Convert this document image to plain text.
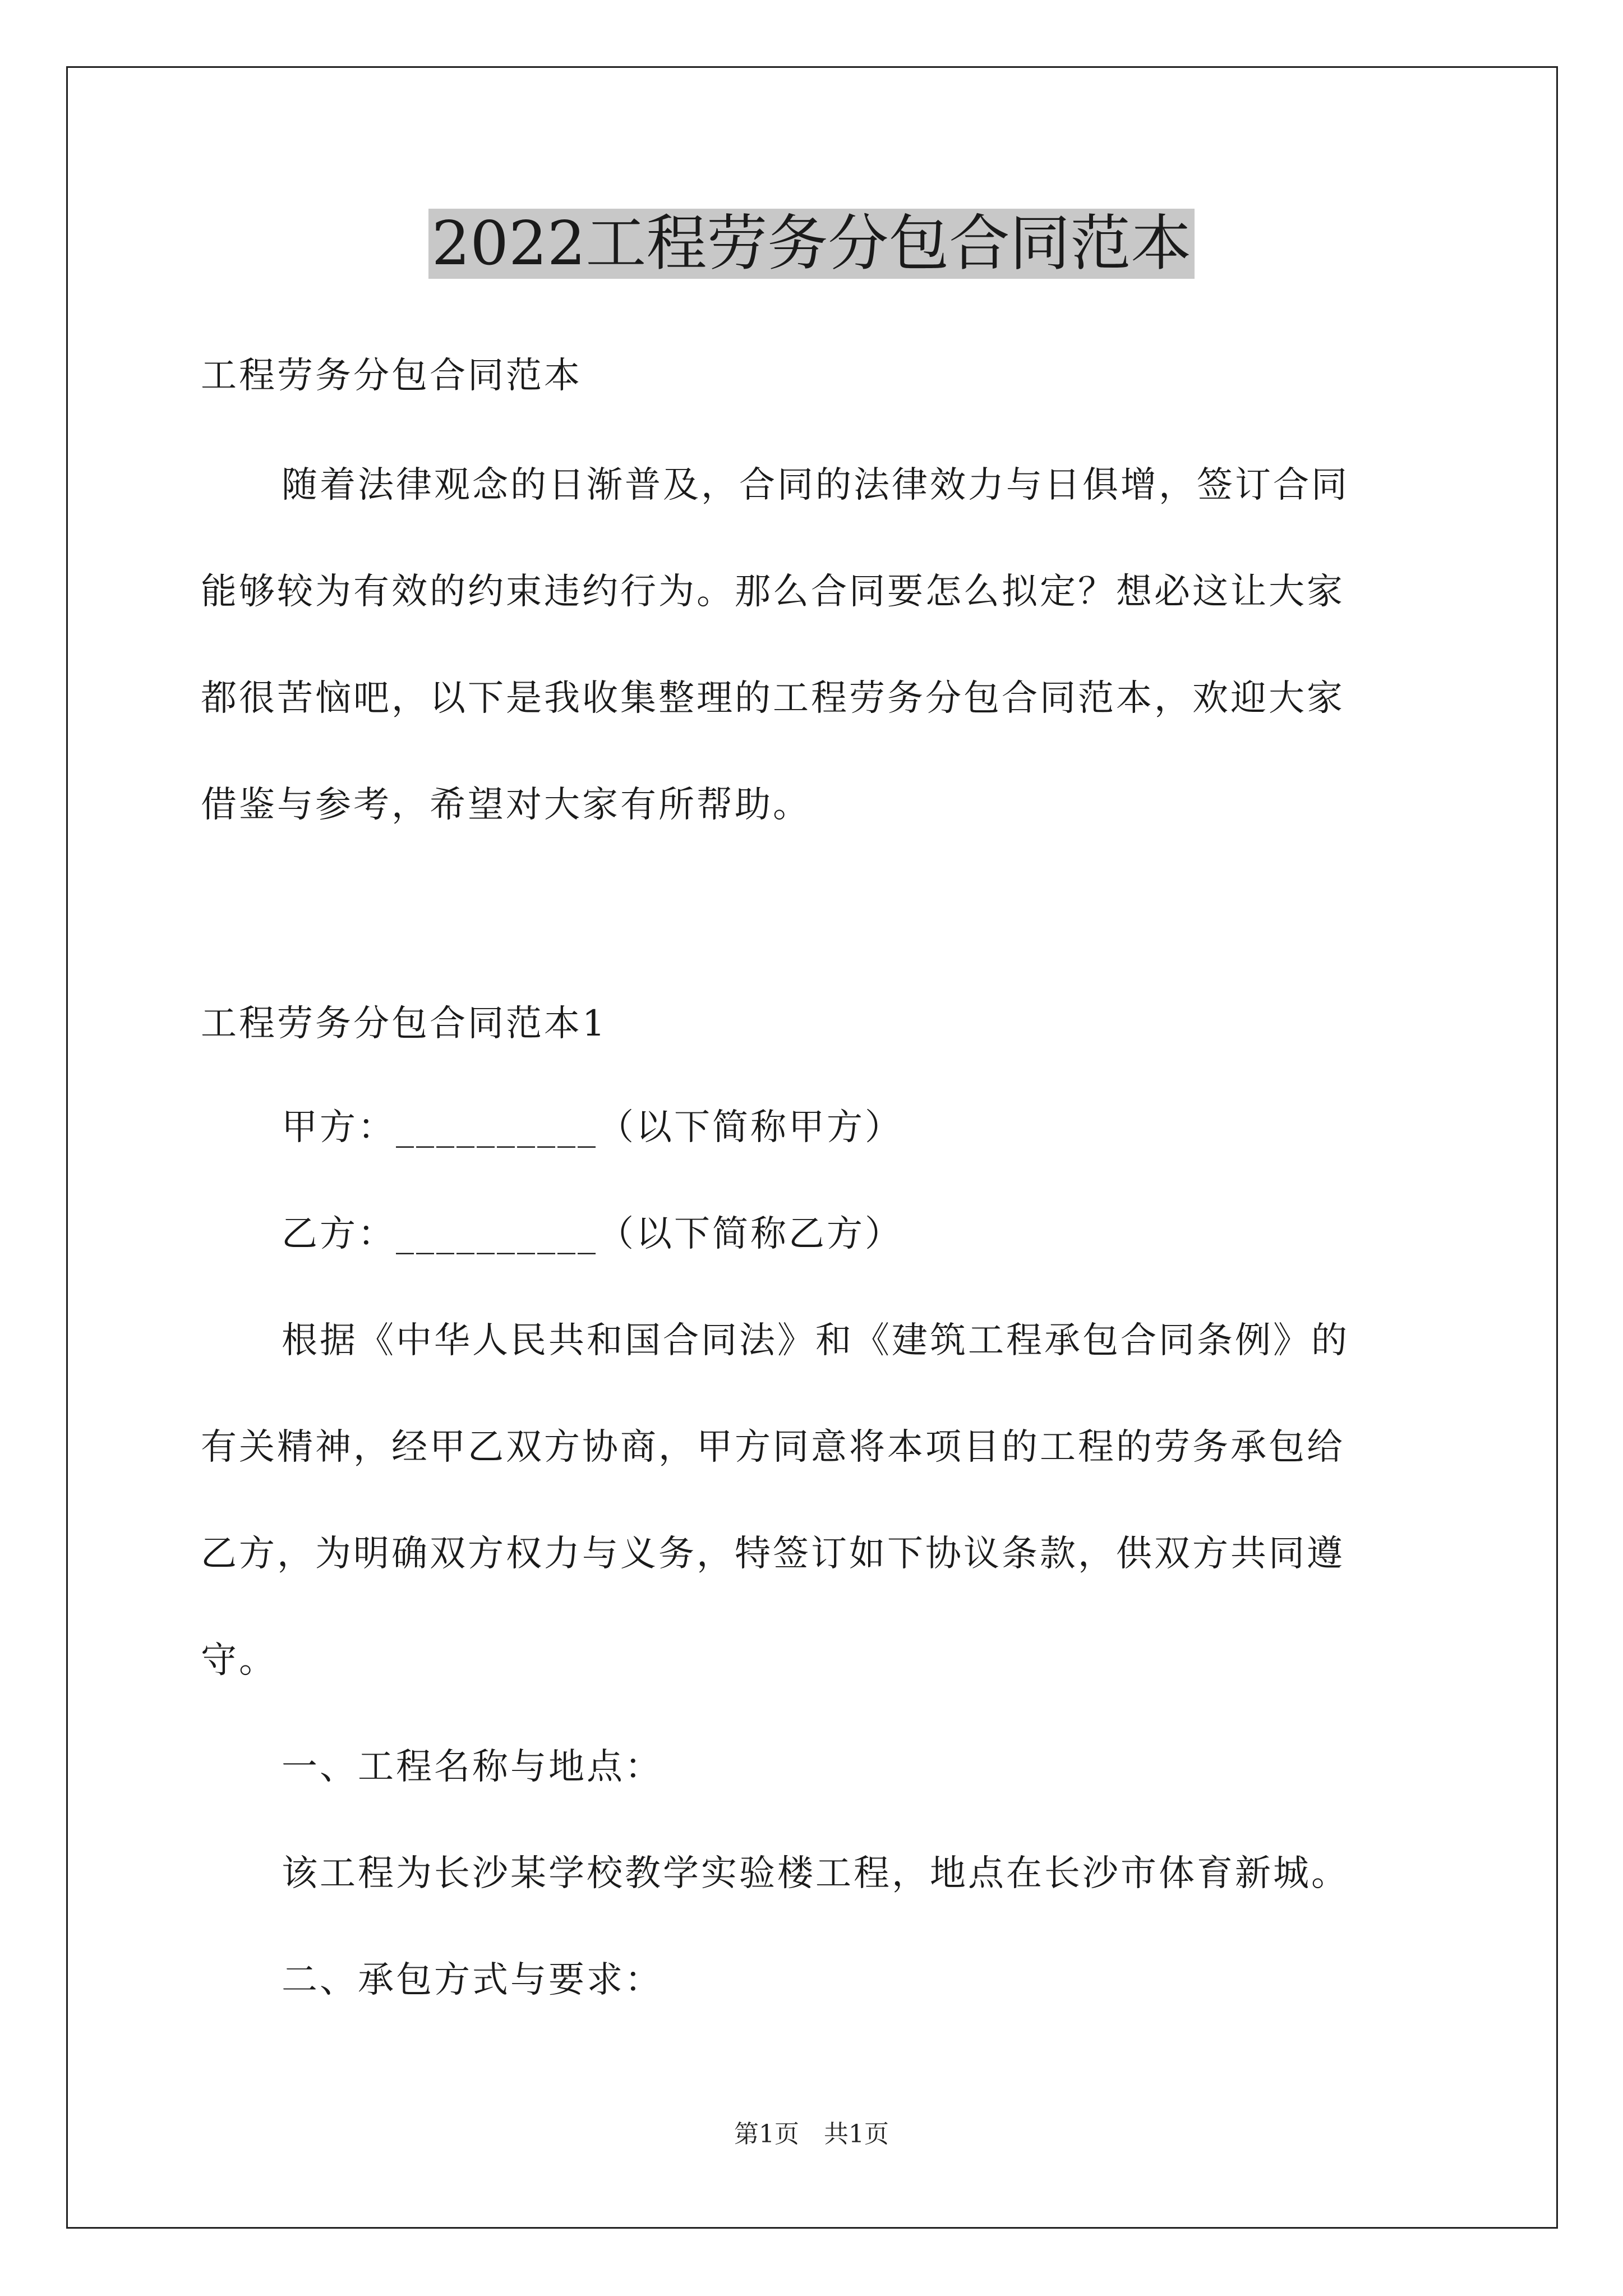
2022工程劳务分包合同范本
工程劳务分包合同范本
随着法律观念的日渐普及，合同的法律效力与日俱增，签订合同
能够较为有效的约束违约行为。那么合同要怎么拟定？想必这让大家
都很苦恼吧，以下是我收集整理的工程劳务分包合同范本，欢迎大家
借鉴与参考，希望对大家有所帮助。
工程劳务分包合同范本1
甲方：__________（以下简称甲方）
乙方：__________（以下简称乙方）
根据《中华人民共和国合同法》和《建筑工程承包合同条例》的
有关精神，经甲乙双方协商，甲方同意将本项目的工程的劳务承包给
乙方，为明确双方权力与义务，特签订如下协议条款，供双方共同遵
守。
一、工程名称与地点：
该工程为长沙某学校教学实验楼工程，地点在长沙市体育新城。
二、承包方式与要求：
第1页　共1页
